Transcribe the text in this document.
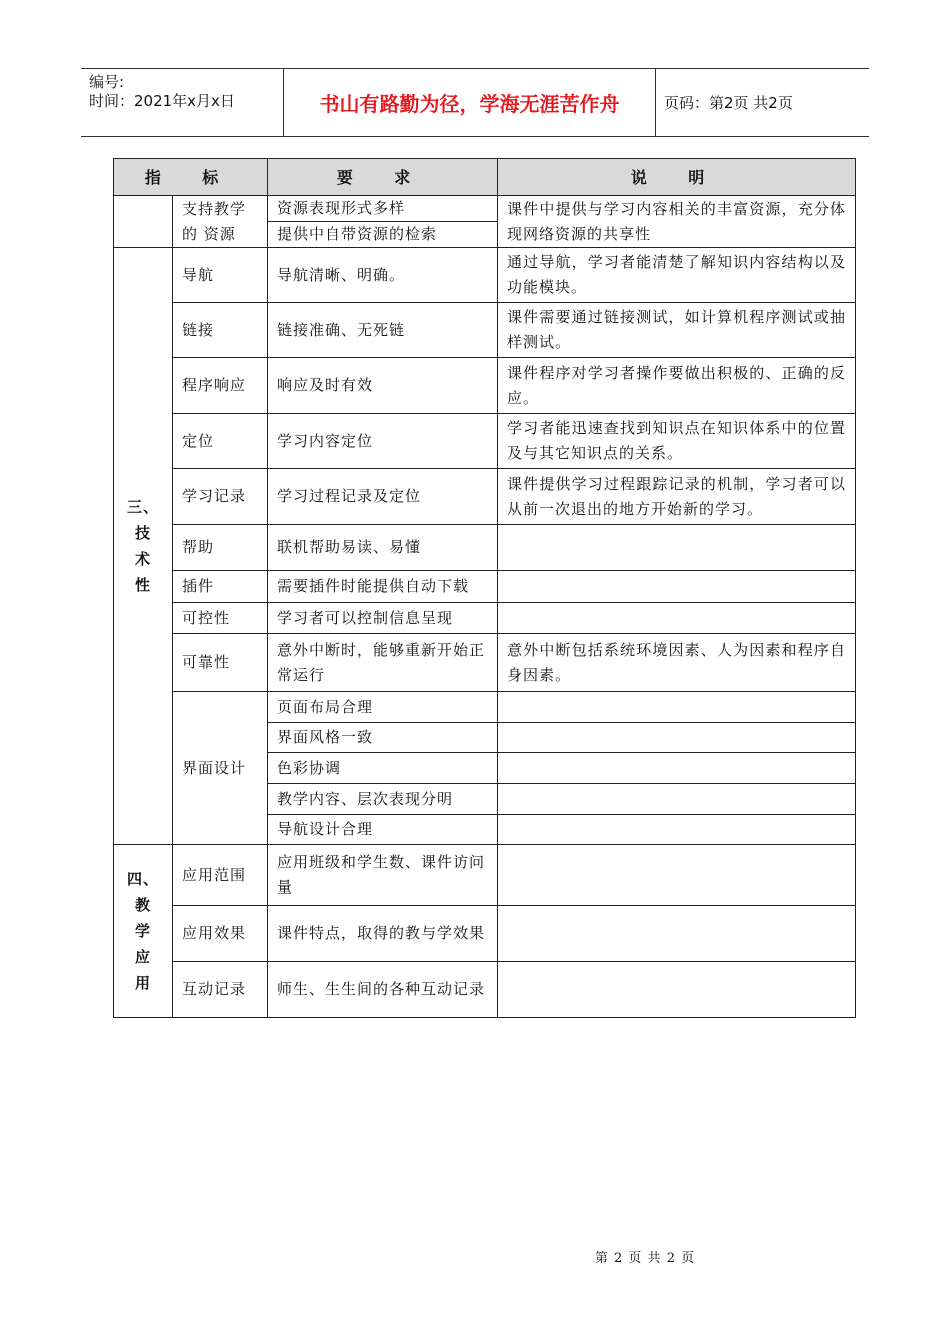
编号:
时间：2021年x月x日	书山有路勤为径，学海无涯苦作舟	页码：第2页 共2页
指 标		要 求	说 明
	支持教学的 资源	资源表现形式多样	课件中提供与学习内容相关的丰富资源，充分体现网络资源的共享性
		提供中自带资源的检索	

三、
技
术
性	导航	导航清晰、明确。	通过导航，学习者能清楚了解知识内容结构以及功能模块。
	链接	链接准确、无死链	课件需要通过链接测试，如计算机程序测试或抽样测试。
	程序响应	响应及时有效	课件程序对学习者操作要做出积极的、正确的反应。
	定位	学习内容定位	学习者能迅速查找到知识点在知识体系中的位置及与其它知识点的关系。
	学习记录	学习过程记录及定位	课件提供学习过程跟踪记录的机制，学习者可以从前一次退出的地方开始新的学习。
	帮助	联机帮助易读、易懂	
	插件	需要插件时能提供自动下载	
	可控性	学习者可以控制信息呈现	
	可靠性	意外中断时，能够重新开始正常运行	意外中断包括系统环境因素、人为因素和程序自身因素。
	界面设计	页面布局合理	
		界面风格一致	
		色彩协调	
		教学内容、层次表现分明	
		导航设计合理	

四、
教
学
应
用	应用范围	应用班级和学生数、课件访问量	
	应用效果	课件特点，取得的教与学效果	
	互动记录	师生、生生间的各种互动记录	
第 2 页 共 2 页
